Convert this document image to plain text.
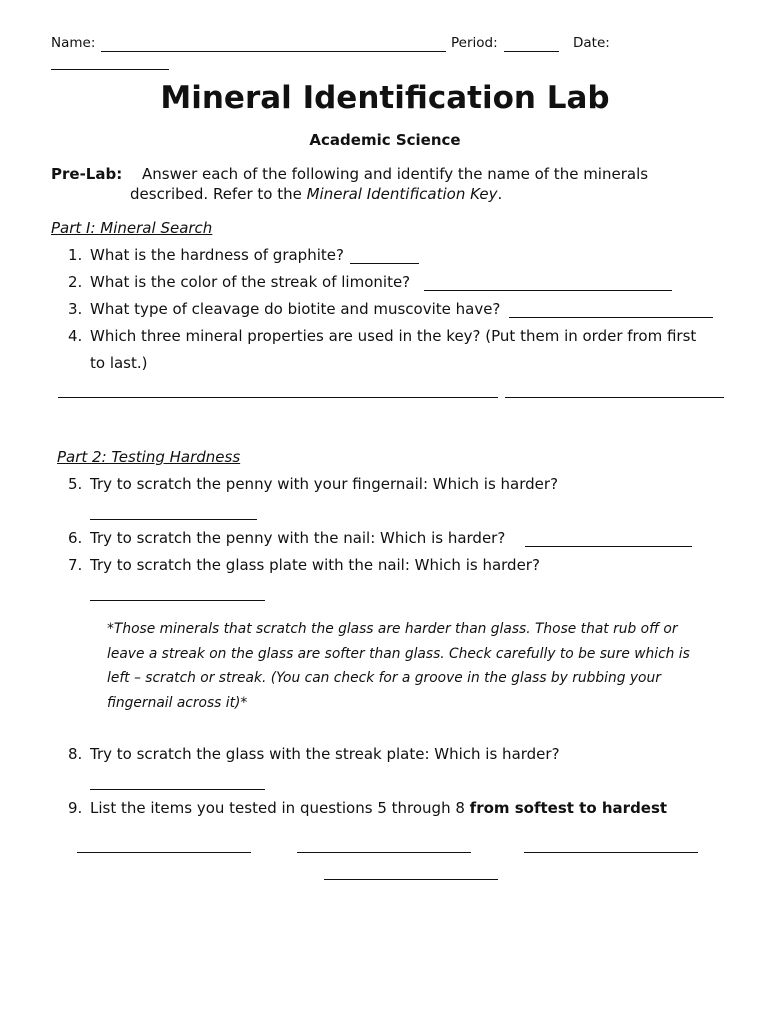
Name:	Period:	Date:
Mineral Identification Lab
Academic Science
Pre-Lab: Answer each of the following and identify the name of the minerals
described. Refer to the Mineral Identification Key.
Part I: Mineral Search
1. What is the hardness of graphite?
2. What is the color of the streak of limonite?
3. What type of cleavage do biotite and muscovite have?
4. Which three mineral properties are used in the key? (Put them in order from first
to last.)
Part 2: Testing Hardness
5. Try to scratch the penny with your fingernail: Which is harder?
6. Try to scratch the penny with the nail: Which is harder?
7. Try to scratch the glass plate with the nail: Which is harder?
*Those minerals that scratch the glass are harder than glass. Those that rub off or
leave a streak on the glass are softer than glass. Check carefully to be sure which is
left – scratch or streak. (You can check for a groove in the glass by rubbing your
fingernail across it)*
8. Try to scratch the glass with the streak plate: Which is harder?
9. List the items you tested in questions 5 through 8 from softest to hardest
